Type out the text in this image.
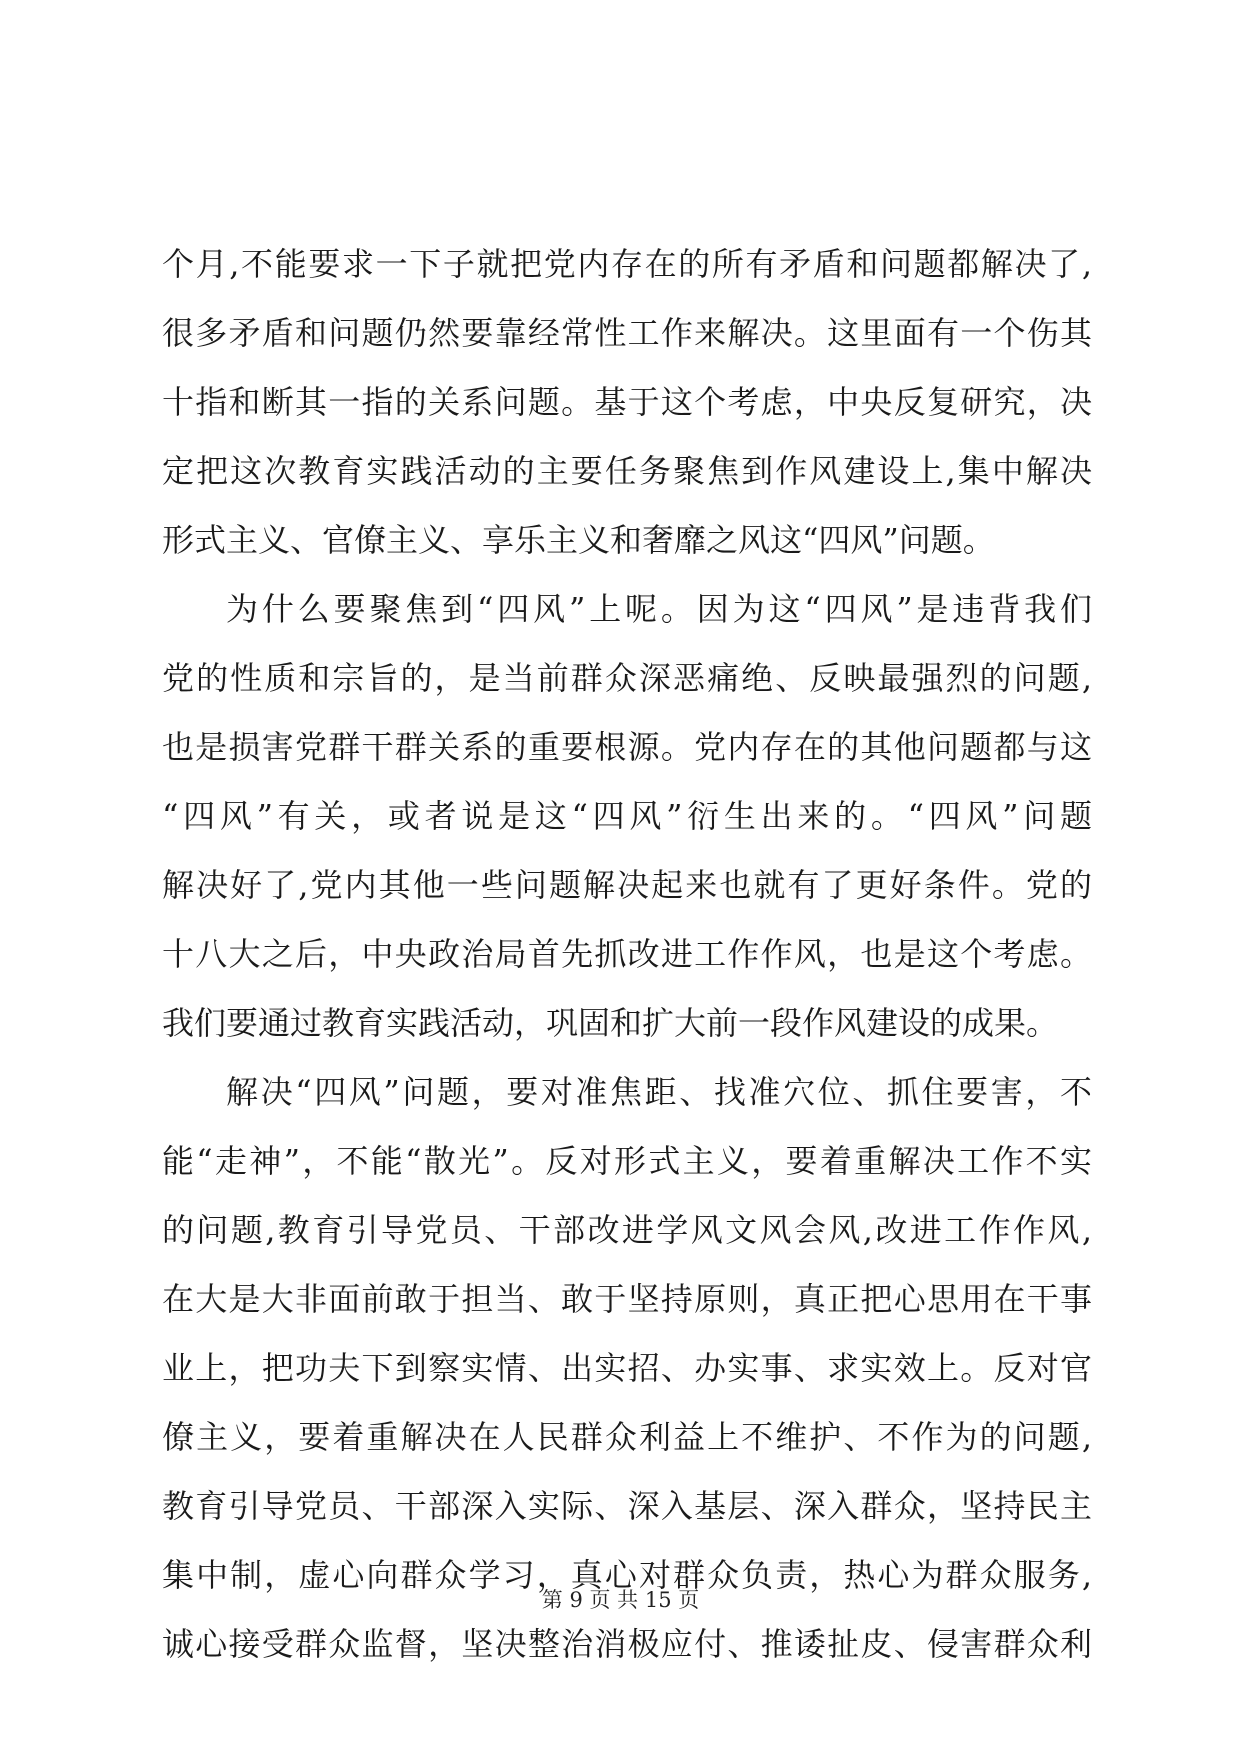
个月,不能要求一下子就把党内存在的所有矛盾和问题都解决了,
很多矛盾和问题仍然要靠经常性工作来解决。这里面有一个伤其
十指和断其一指的关系问题。基于这个考虑，中央反复研究，决
定把这次教育实践活动的主要任务聚焦到作风建设上,集中解决
形式主义、官僚主义、享乐主义和奢靡之风这“四风”问题。
为什么要聚焦到“四风”上呢。因为这“四风”是违背我们
党的性质和宗旨的，是当前群众深恶痛绝、反映最强烈的问题,
也是损害党群干群关系的重要根源。党内存在的其他问题都与这
“四风”有关，或者说是这“四风”衍生出来的。“四风”问题
解决好了,党内其他一些问题解决起来也就有了更好条件。党的
十八大之后，中央政治局首先抓改进工作作风，也是这个考虑。
我们要通过教育实践活动，巩固和扩大前一段作风建设的成果。
解决“四风”问题，要对准焦距、找准穴位、抓住要害，不
能“走神”，不能“散光”。反对形式主义，要着重解决工作不实
的问题,教育引导党员、干部改进学风文风会风,改进工作作风,
在大是大非面前敢于担当、敢于坚持原则，真正把心思用在干事
业上，把功夫下到察实情、出实招、办实事、求实效上。反对官
僚主义，要着重解决在人民群众利益上不维护、不作为的问题,
教育引导党员、干部深入实际、深入基层、深入群众，坚持民主
集中制，虚心向群众学习，真心对群众负责，热心为群众服务,
诚心接受群众监督，坚决整治消极应付、推诿扯皮、侵害群众利
第 9 页 共 15 页
